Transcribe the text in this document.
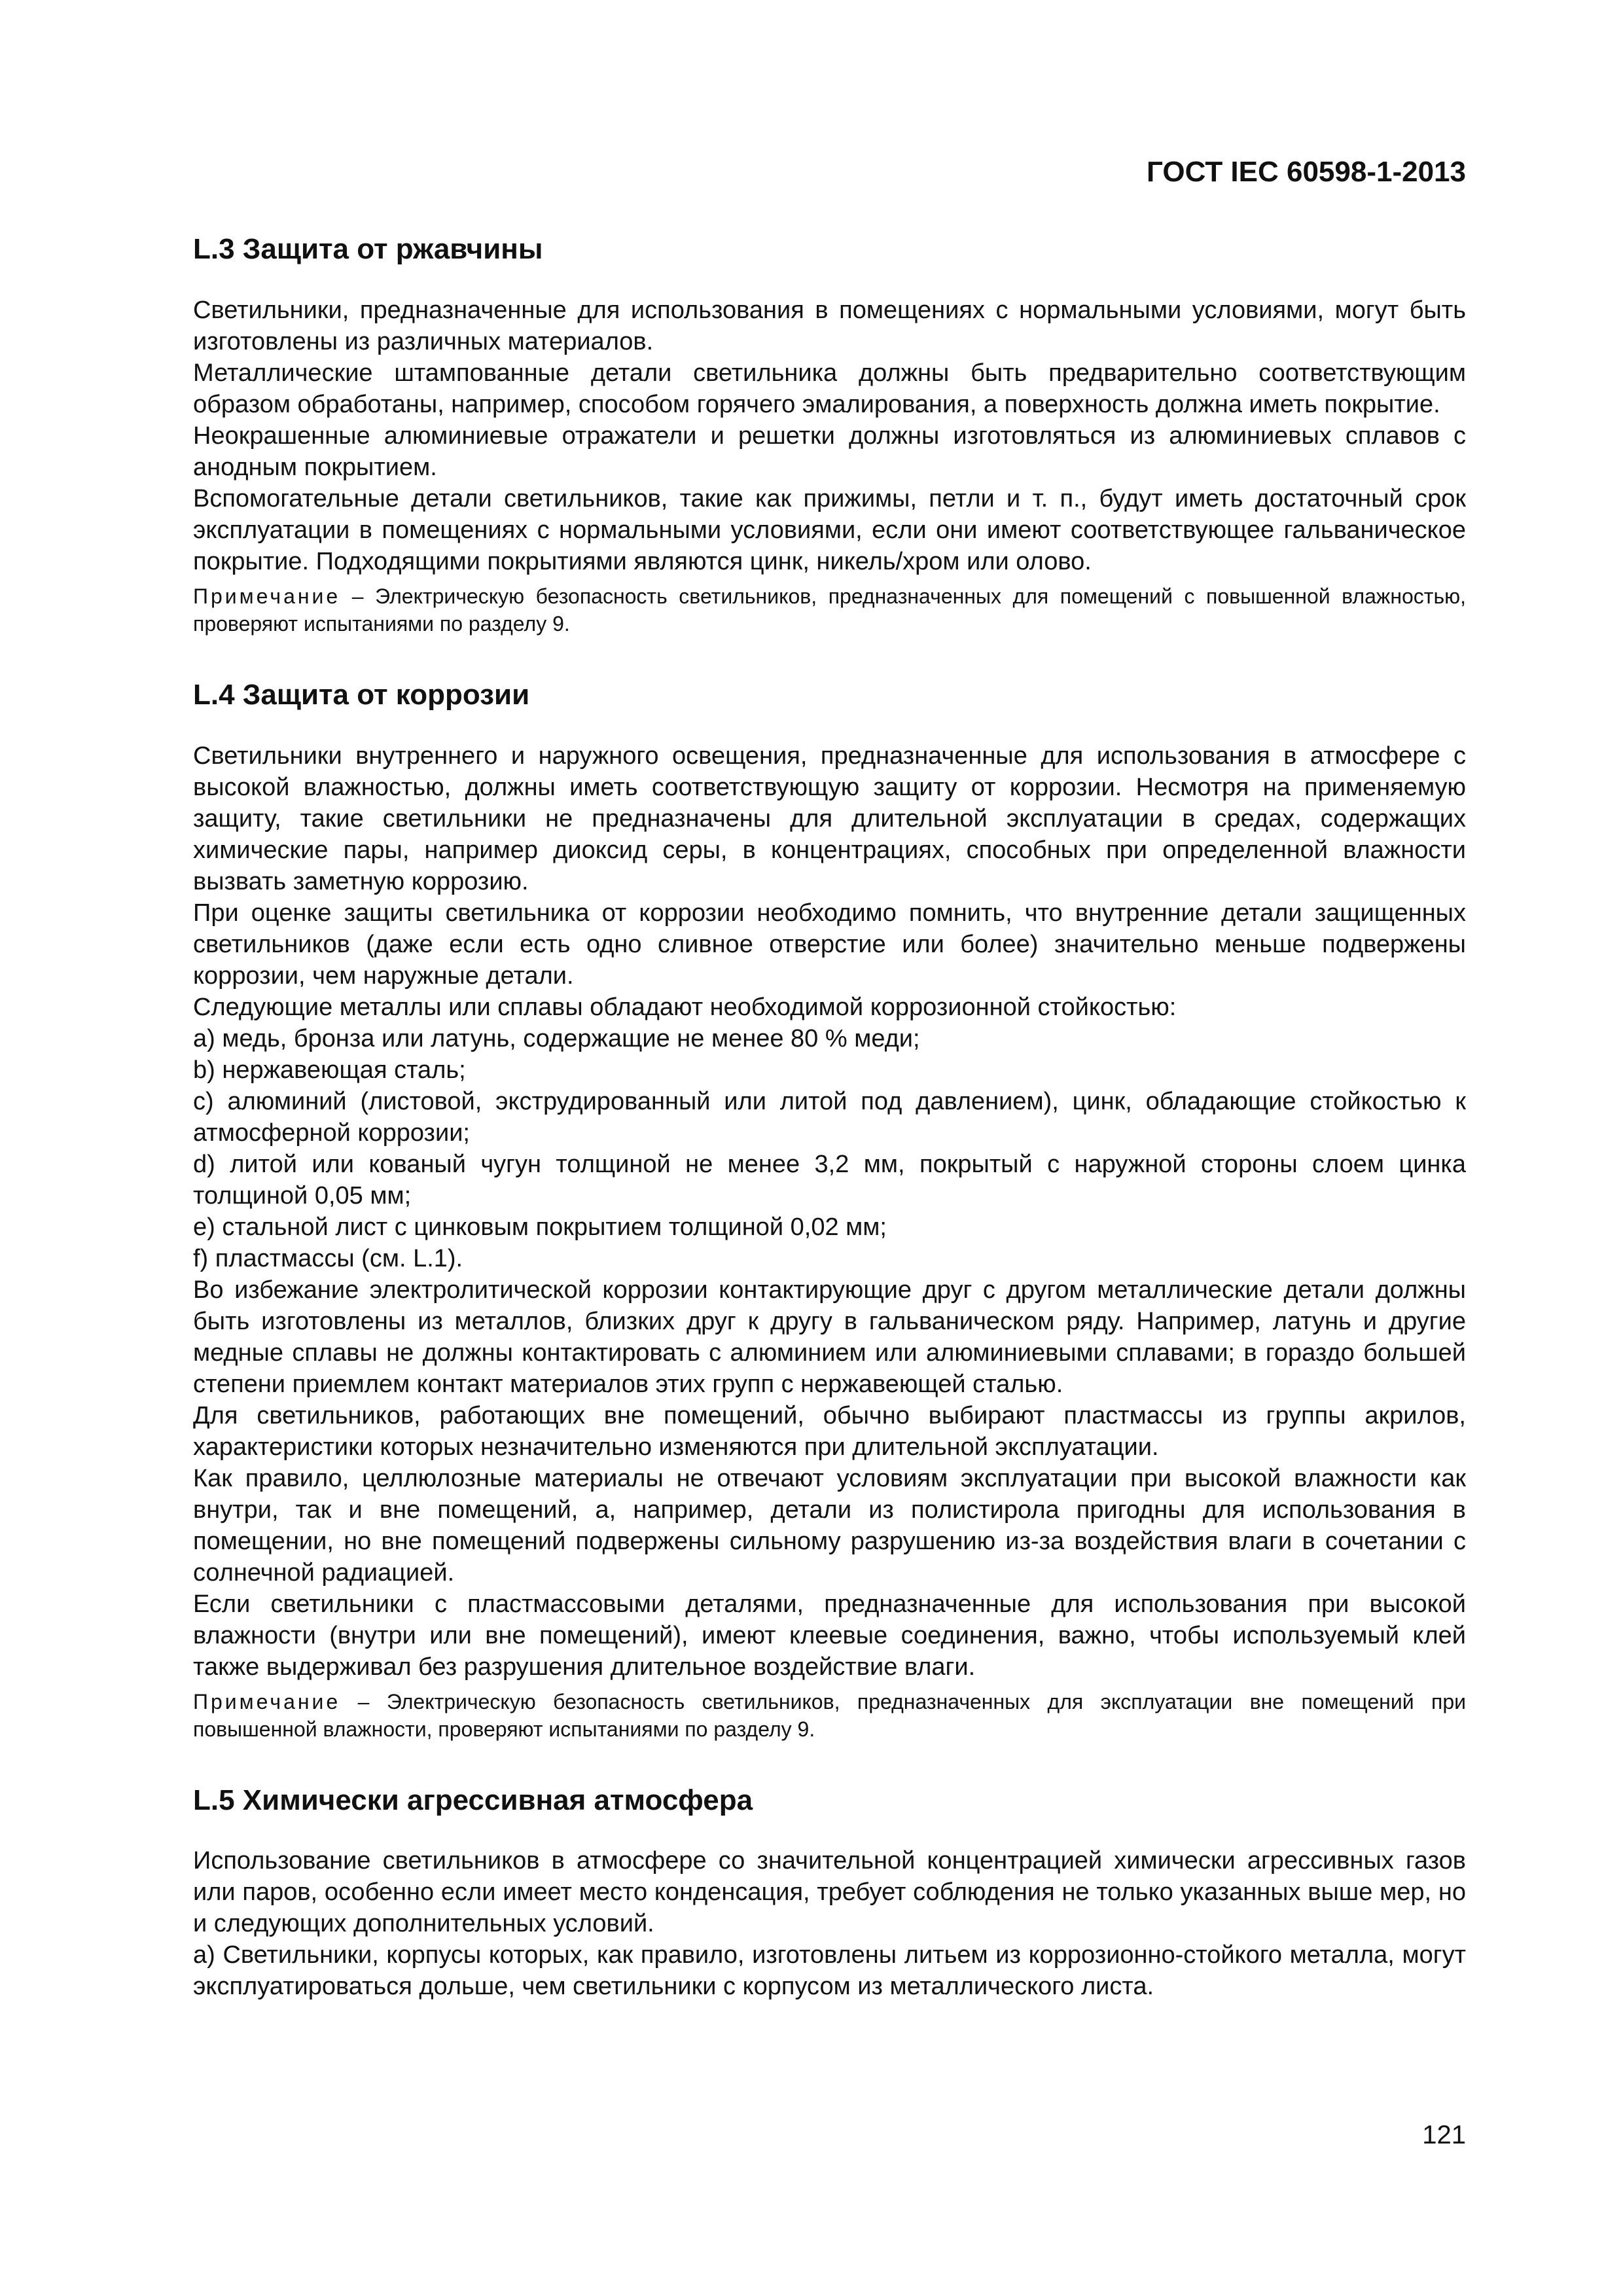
ГОСТ IEC 60598-1-2013
L.3 Защита от ржавчины

Светильники, предназначенные для использования в помещениях с нормальными условиями, могут быть изготовлены из различных материалов.

Металлические штампованные детали светильника должны быть предварительно соответствующим образом обработаны, например, способом горячего эмалирования, а поверхность должна иметь покрытие.

Неокрашенные алюминиевые отражатели и решетки должны изготовляться из алюминиевых сплавов с анодным покрытием.

Вспомогательные детали светильников, такие как прижимы, петли и т. п., будут иметь достаточный срок эксплуатации в помещениях с нормальными условиями, если они имеют соответствующее гальваническое покрытие. Подходящими покрытиями являются цинк, никель/хром или олово.

Примечание – Электрическую безопасность светильников, предназначенных для помещений с повышенной влажностью, проверяют испытаниями по разделу 9.

L.4 Защита от коррозии

Светильники внутреннего и наружного освещения, предназначенные для использования в атмосфере с высокой влажностью, должны иметь соответствующую защиту от коррозии. Несмотря на применяемую защиту, такие светильники не предназначены для длительной эксплуатации в средах, содержащих химические пары, например диоксид серы, в концентрациях, способных при определенной влажности вызвать заметную коррозию.

При оценке защиты светильника от коррозии необходимо помнить, что внутренние детали защищенных светильников (даже если есть одно сливное отверстие или более) значительно меньше подвержены коррозии, чем наружные детали.

Следующие металлы или сплавы обладают необходимой коррозионной стойкостью:

а) медь, бронза или латунь, содержащие не менее 80 % меди;

b) нержавеющая сталь;

с) алюминий (листовой, экструдированный или литой под давлением), цинк, обладающие стойкостью к атмосферной коррозии;

d) литой или кованый чугун толщиной не менее 3,2 мм, покрытый с наружной стороны слоем цинка толщиной 0,05 мм;

е) стальной лист с цинковым покрытием толщиной 0,02 мм;

f) пластмассы (см. L.1).

Во избежание электролитической коррозии контактирующие друг с другом металлические детали должны быть изготовлены из металлов, близких друг к другу в гальваническом ряду. Например, латунь и другие медные сплавы не должны контактировать с алюминием или алюминиевыми сплавами; в гораздо большей степени приемлем контакт материалов этих групп с нержавеющей сталью.

Для светильников, работающих вне помещений, обычно выбирают пластмассы из группы акрилов, характеристики которых незначительно изменяются при длительной эксплуатации.

Как правило, целлюлозные материалы не отвечают условиям эксплуатации при высокой влажности как внутри, так и вне помещений, а, например, детали из полистирола пригодны для использования в помещении, но вне помещений подвержены сильному разрушению из-за воздействия влаги в сочетании с солнечной радиацией.

Если светильники с пластмассовыми деталями, предназначенные для использования при высокой влажности (внутри или вне помещений), имеют клеевые соединения, важно, чтобы используемый клей также выдерживал без разрушения длительное воздействие влаги.

Примечание – Электрическую безопасность светильников, предназначенных для эксплуатации вне помещений при повышенной влажности, проверяют испытаниями по разделу 9.

L.5 Химически агрессивная атмосфера

Использование светильников в атмосфере со значительной концентрацией химически агрессивных газов или паров, особенно если имеет место конденсация, требует соблюдения не только указанных выше мер, но и следующих дополнительных условий.

а) Светильники, корпусы которых, как правило, изготовлены литьем из коррозионно-стойкого металла, могут эксплуатироваться дольше, чем светильники с корпусом из металлического листа.

121
